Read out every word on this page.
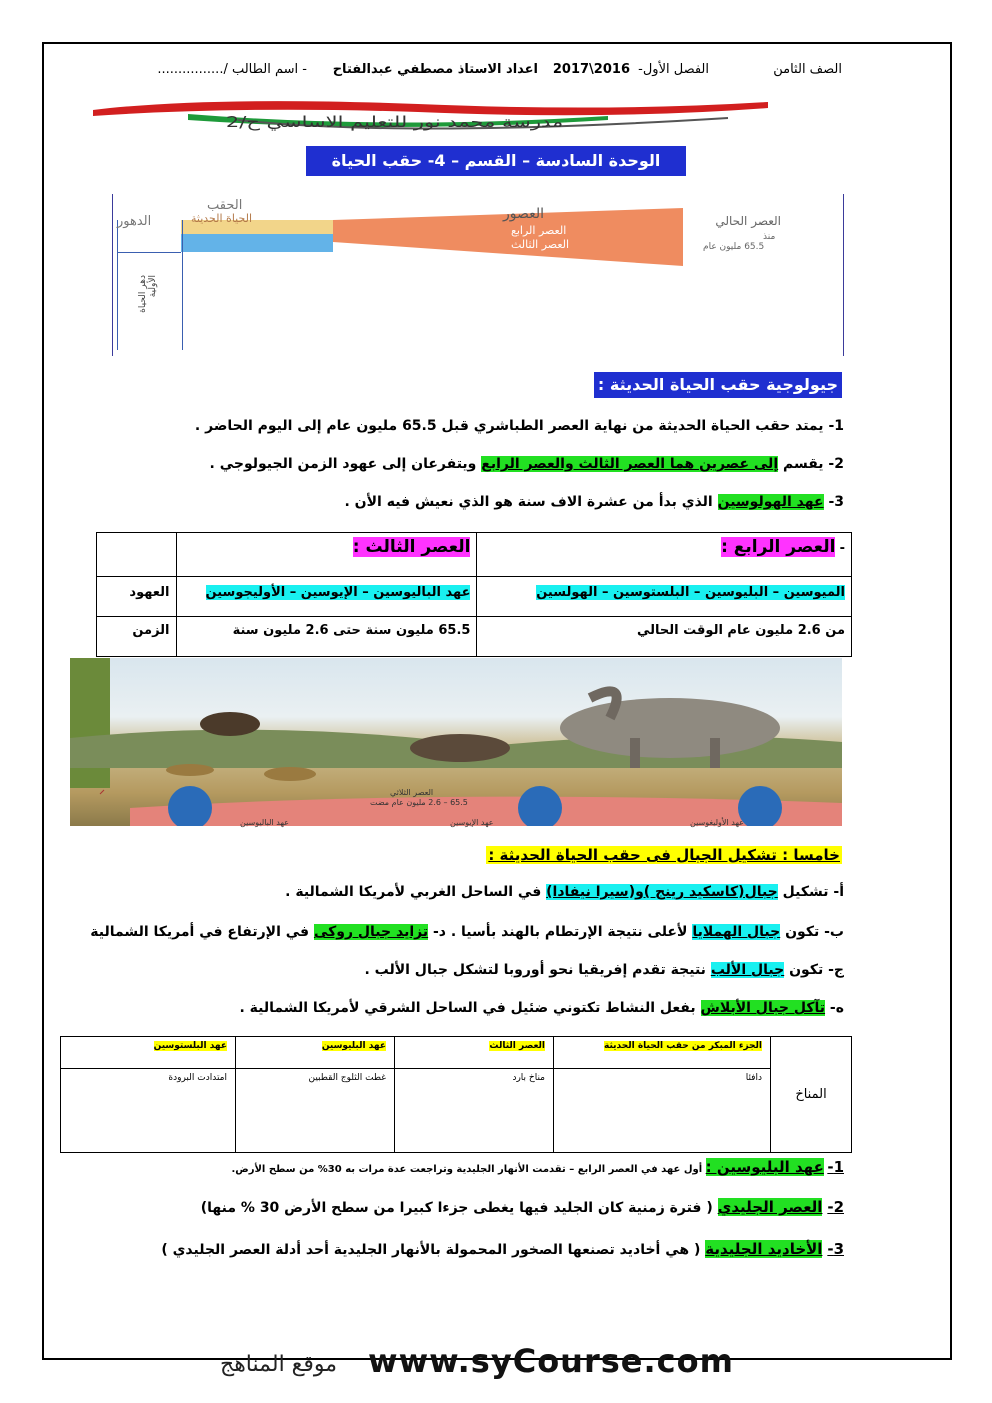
الصف الثامن
الفصل الأول-
2017\2016
اعداد الاستاذ مصطفي عبدالفتاح
- اسم الطالب /................
مدرسة محمد نور للتعليم الاساسي ح/2
الوحدة السادسة – القسم – 4- حقب الحياة الحديثة
الدهور
الحقب
الحياة الحديثة	العصور
العصر الرابع
العصر الثالث
العصر الحالي
منذ
65.5 مليون عام
دهر الحياة الظاهرة
دهر الحياة الأولية
جيولوجية حقب الحياة الحديثة :
1- يمتد حقب الحياة الحديثة من نهاية العصر الطباشري قبل 65.5 مليون عام إلى اليوم الحاضر .
2- يقسم إلى عصرين هما العصر الثالث والعصر الرابع ويتفرعان إلى عهود الزمن الجيولوجي .
3- عهد الهولوسين الذي بدأ من عشرة الاف سنة هو الذي نعيش فيه الأن .
- العصر الرابع :	العصر الثالث :	
الميوسين – البليوسين – البلستوسين – الهولسين	عهد الباليوسين – الإيوسين – الأوليجوسين	العهود
من 2.6 مليون عام الوقت الحالي	65.5 مليون سنة حتى 2.6 مليون سنة	الزمن
العصر الثلاثي
65.5 – 2.6 مليون عام مضت
عهد الباليوسين	عهد الإيوسين	عهد الأوليغوسين
خامسا : تشكيل الجبال فى حقب الحياة الحديثة :
أ- تشكيل جبال(كاسكيد رينج )و(سيرا نيفادا) في الساحل الغربي لأمريكا الشمالية .
ب- تكون جبال الهملايا لأعلى نتيجة الإرتطام بالهند بأسيا . د- تزايد جبال روكى في الإرتفاع في أمريكا الشمالية
ج- تكون جبال الألب نتيجة تقدم إفريقيا نحو أوروبا لتشكل جبال الألب .
ه- تآكل جبال الأبلاش بفعل النشاط تكتوني ضئيل في الساحل الشرقي لأمريكا الشمالية .
المناخ	الجزء المبكر من حقب الحياة الحديثة	العصر الثالث	عهد البليوسين	عهد البلستوسين
	دافئا	مناخ بارد	غطت الثلوج القطبين	امتدادت البرودة
1- عهد البليوسين : أول عهد في العصر الرابع – تقدمت الأنهار الجليدية وتراجعت عدة مرات به 30% من سطح الأرض.
2- العصر الجليدي ( فترة زمنية كان الجليد فيها يغطى جزءا كبيرا من سطح الأرض 30 % منها)
3- الأخاديد الجليدية ( هي أخاديد تصنعها الصخور المحمولة بالأنهار الجليدية أحد أدلة العصر الجليدي )
www.syCourse.com
موقع المناهج
